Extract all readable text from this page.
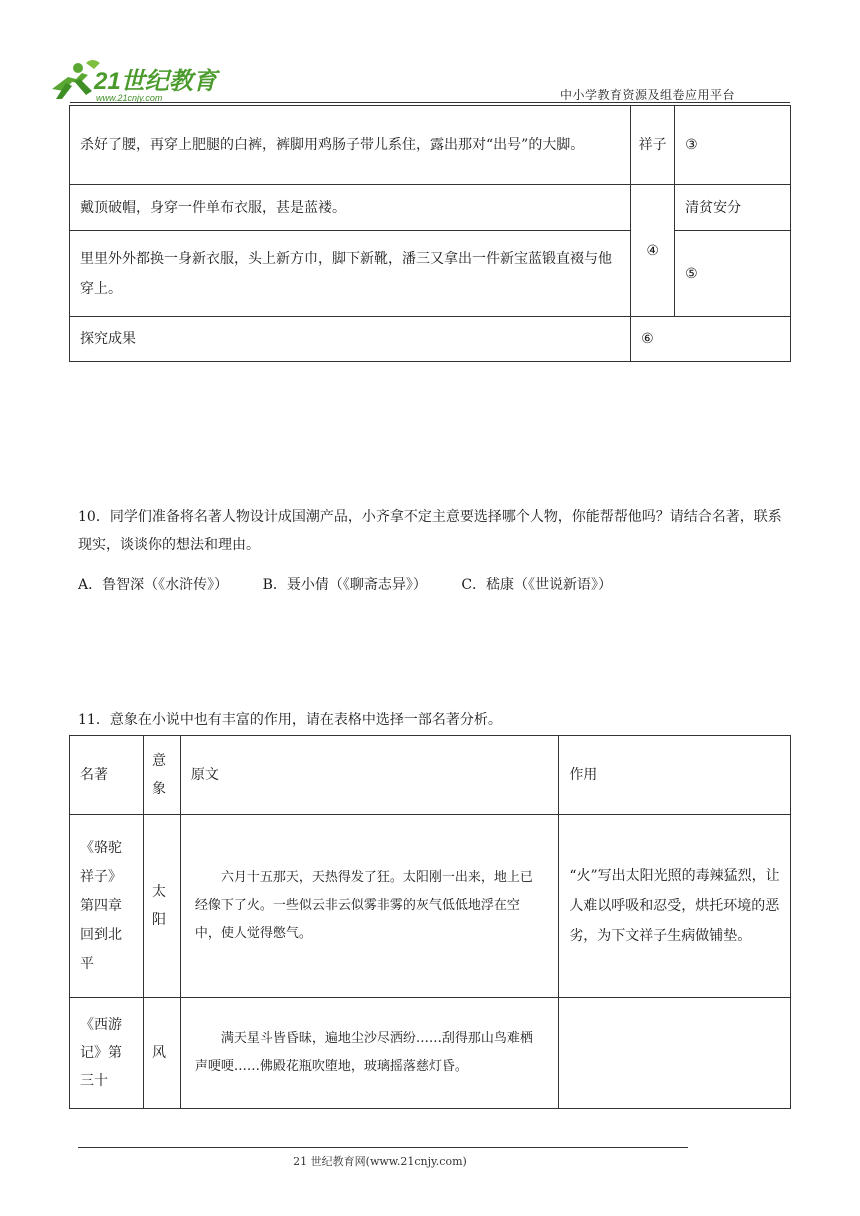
21世纪教育
www.21cnjy.com	中小学教育资源及组卷应用平台
杀好了腰，再穿上肥腿的白裤，裤脚用鸡肠子带儿系住，露出那对“出号”的大脚。	祥子	③
戴顶破帽，身穿一件单布衣服，甚是蓝褛。	④	清贫安分
里里外外都换一身新衣服，头上新方巾，脚下新靴，潘三又拿出一件新宝蓝锻直裰与他穿上。		⑤
探究成果	⑥	
10．同学们准备将名著人物设计成国潮产品，小齐拿不定主意要选择哪个人物，你能帮帮他吗？请结合名著，联系现实，谈谈你的想法和理由。
A．鲁智深（《水浒传》） B．聂小倩（《聊斋志异》） C．嵇康（《世说新语》）
11．意象在小说中也有丰富的作用，请在表格中选择一部名著分析。
名著	意象	原文	作用
《骆驼祥子》第四章回到北平	太阳	六月十五那天，天热得发了狂。太阳刚一出来，地上已经像下了火。一些似云非云似雾非雾的灰气低低地浮在空中，使人觉得憋气。	“火”写出太阳光照的毒辣猛烈，让人难以呼吸和忍受，烘托环境的恶劣，为下文祥子生病做铺垫。
《西游记》第三十	风	满天星斗皆昏昧，遍地尘沙尽洒纷……刮得那山鸟难栖声哽哽……佛殿花瓶吹堕地，玻璃摇落慈灯昏。	
21 世纪教育网(www.21cnjy.com)
